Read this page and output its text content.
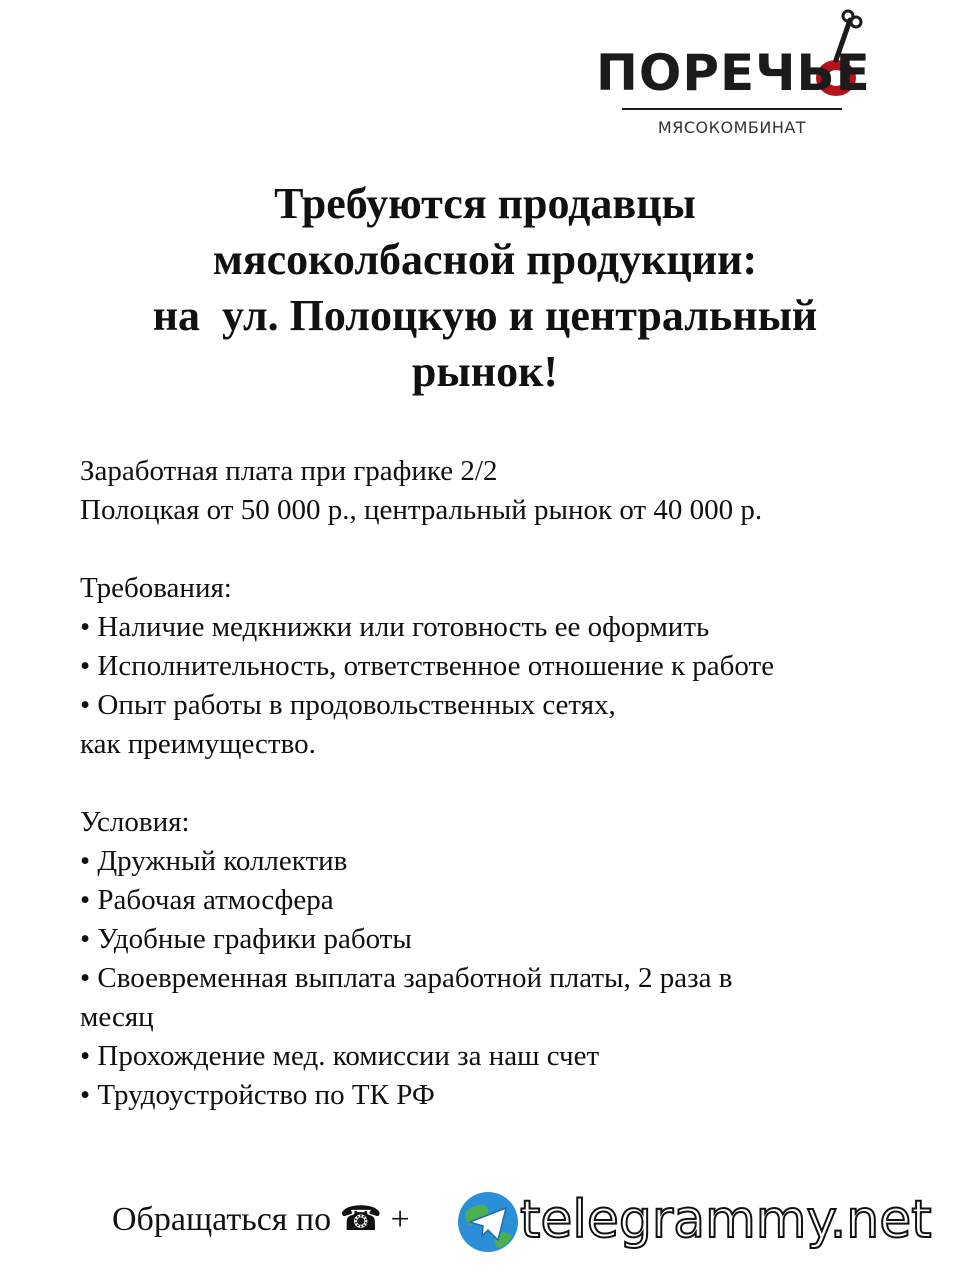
ПОРЕЧЬЕ
МЯСОКОМБИНАТ
Требуются продавцы
мясоколбасной продукции:
на  ул. Полоцкую и центральный
рынок!

Заработная плата при графике 2/2

Полоцкая от 50 000 р., центральный рынок от 40 000 р.

Требования:

• Наличие медкнижки или готовность ее оформить

• Исполнительность, ответственное отношение к работе

• Опыт работы в продовольственных сетях,

как преимущество.

Условия:

• Дружный коллектив

• Рабочая атмосфера

• Удобные графики работы

• Своевременная выплата заработной платы, 2 раза в

месяц

• Прохождение мед. комиссии за наш счет

• Трудоустройство по ТК РФ

Обращаться по ☎ + telegrammy.net
